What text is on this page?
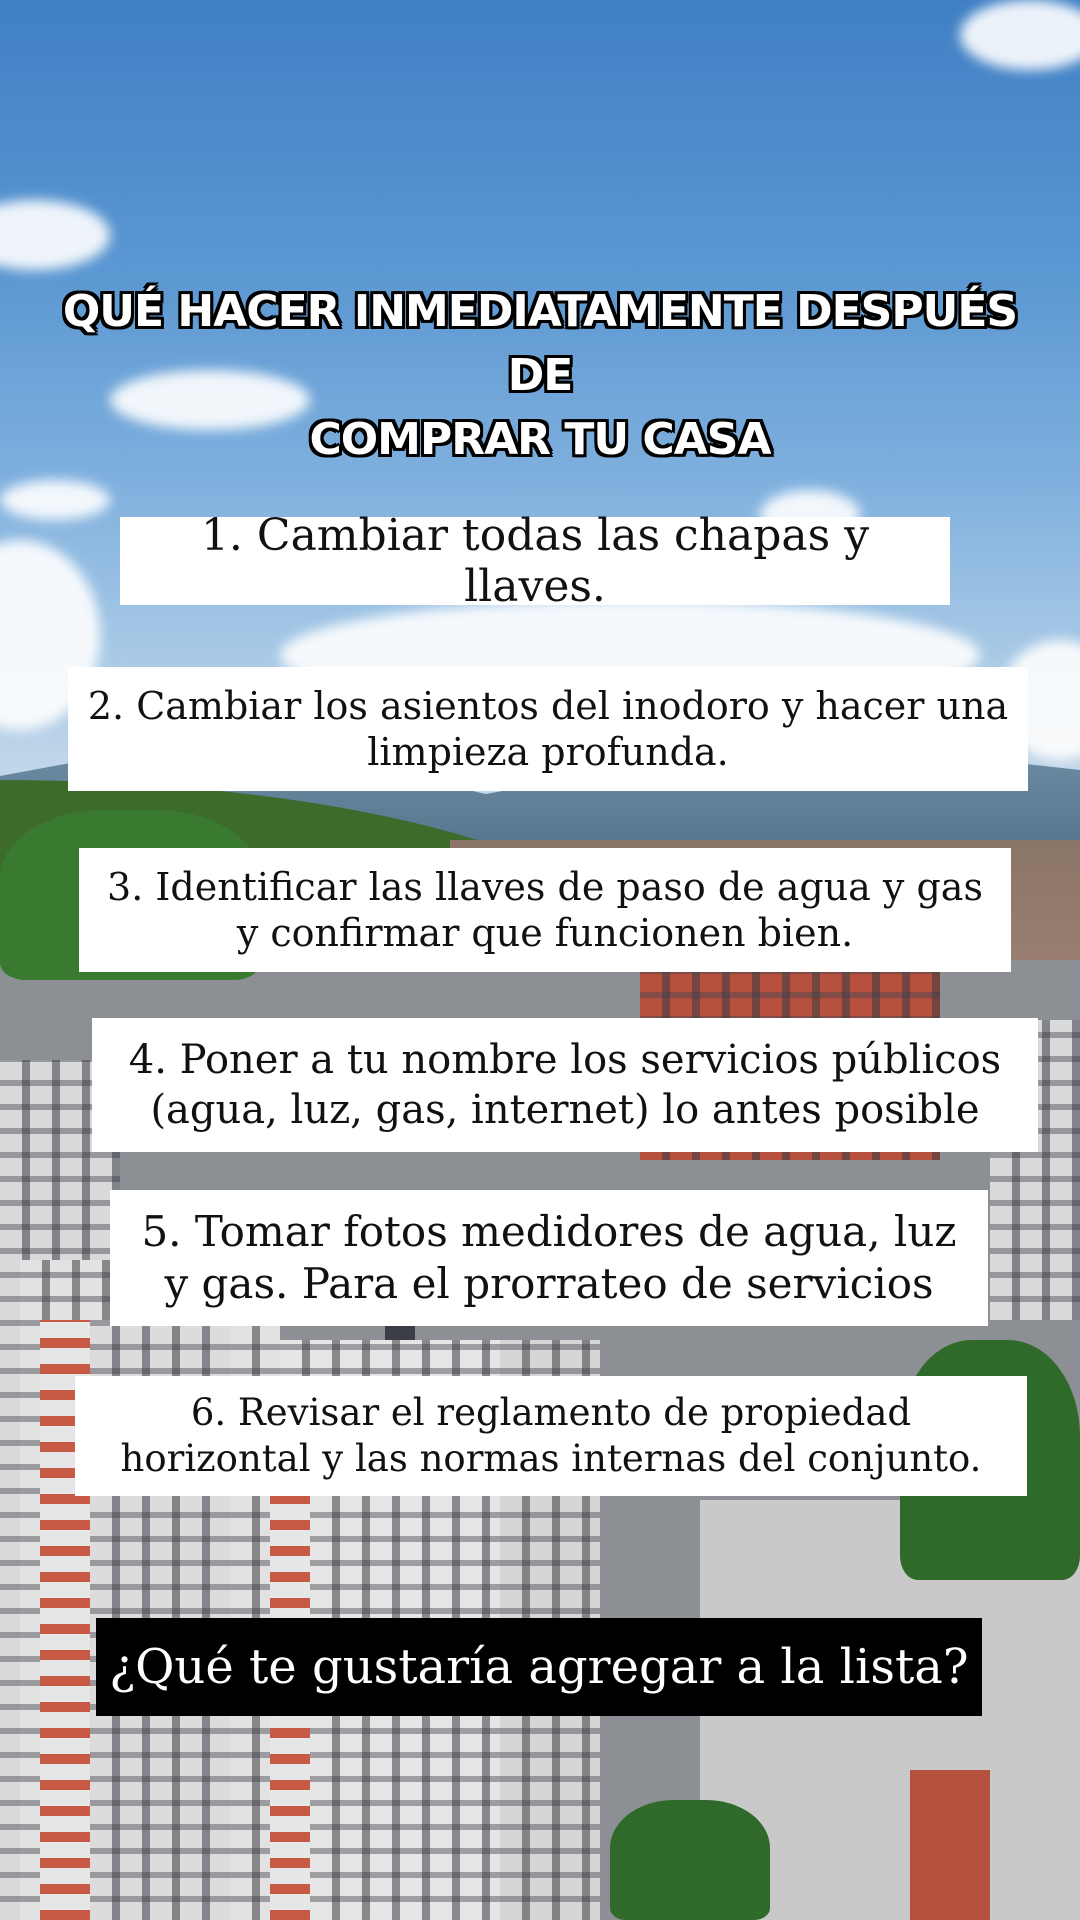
QUÉ HACER INMEDIATAMENTE DESPUÉS DE
COMPRAR TU CASA
1. Cambiar todas las chapas y llaves.
2. Cambiar los asientos del inodoro y hacer una limpieza profunda.
3. Identificar las llaves de paso de agua y gas y confirmar que funcionen bien.
4. Poner a tu nombre los servicios públicos (agua, luz, gas, internet) lo antes posible
5. Tomar fotos medidores de agua, luz y gas. Para el prorrateo de servicios
6. Revisar el reglamento de propiedad horizontal y las normas internas del conjunto.
¿Qué te gustaría agregar a la lista?
